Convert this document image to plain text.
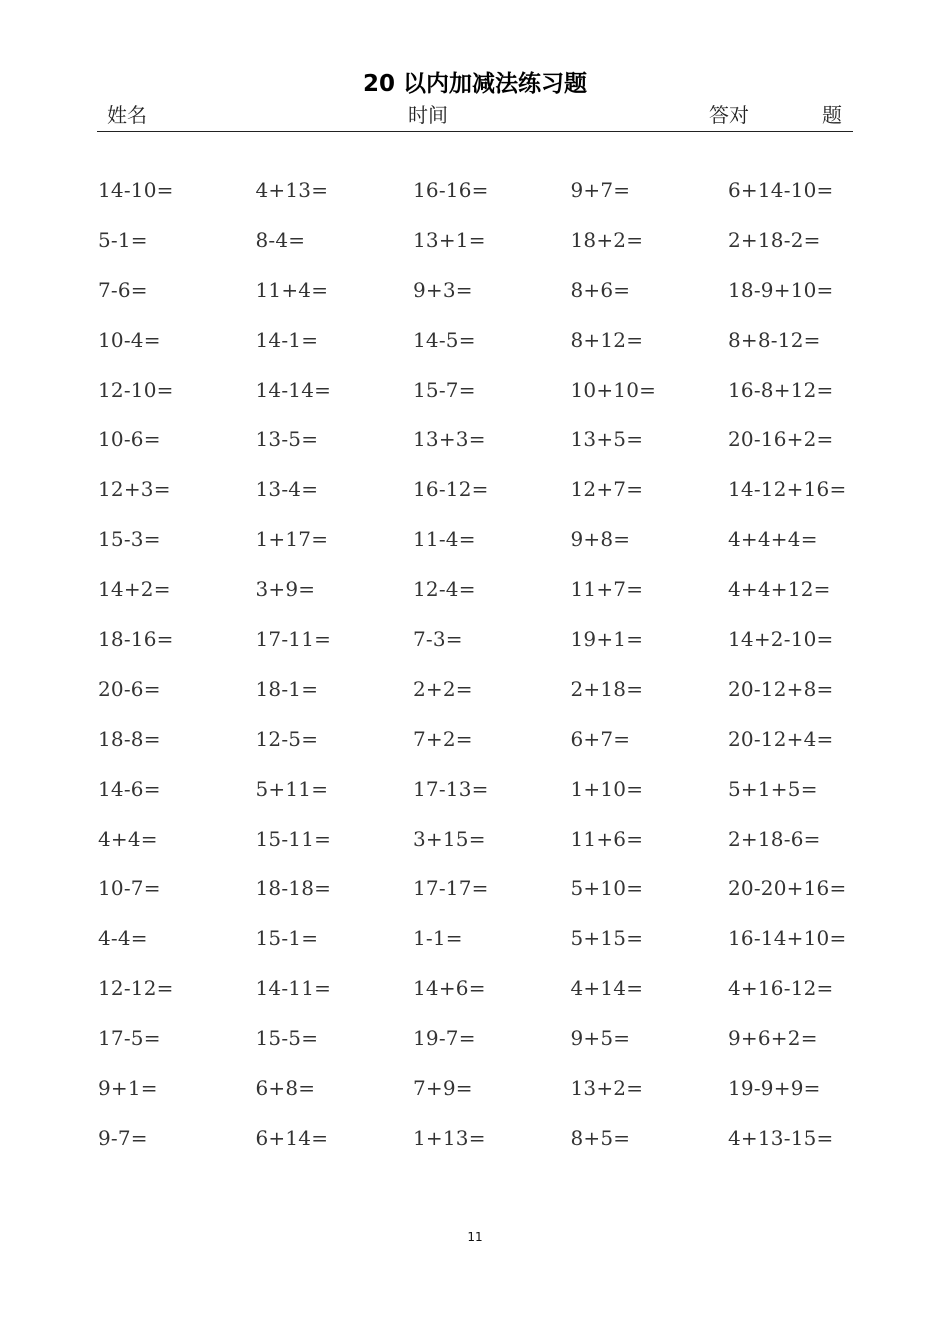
20 以内加减法练习题
姓名	时间	答对	题
14-10=	4+13=	16-16=	9+7=	6+14-10=
5-1=	8-4=	13+1=	18+2=	2+18-2=
7-6=	11+4=	9+3=	8+6=	18-9+10=
10-4=	14-1=	14-5=	8+12=	8+8-12=
12-10=	14-14=	15-7=	10+10=	16-8+12=
10-6=	13-5=	13+3=	13+5=	20-16+2=
12+3=	13-4=	16-12=	12+7=	14-12+16=
15-3=	1+17=	11-4=	9+8=	4+4+4=
14+2=	3+9=	12-4=	11+7=	4+4+12=
18-16=	17-11=	7-3=	19+1=	14+2-10=
20-6=	18-1=	2+2=	2+18=	20-12+8=
18-8=	12-5=	7+2=	6+7=	20-12+4=
14-6=	5+11=	17-13=	1+10=	5+1+5=
4+4=	15-11=	3+15=	11+6=	2+18-6=
10-7=	18-18=	17-17=	5+10=	20-20+16=
4-4=	15-1=	1-1=	5+15=	16-14+10=
12-12=	14-11=	14+6=	4+14=	4+16-12=
17-5=	15-5=	19-7=	9+5=	9+6+2=
9+1=	6+8=	7+9=	13+2=	19-9+9=
9-7=	6+14=	1+13=	8+5=	4+13-15=
11
